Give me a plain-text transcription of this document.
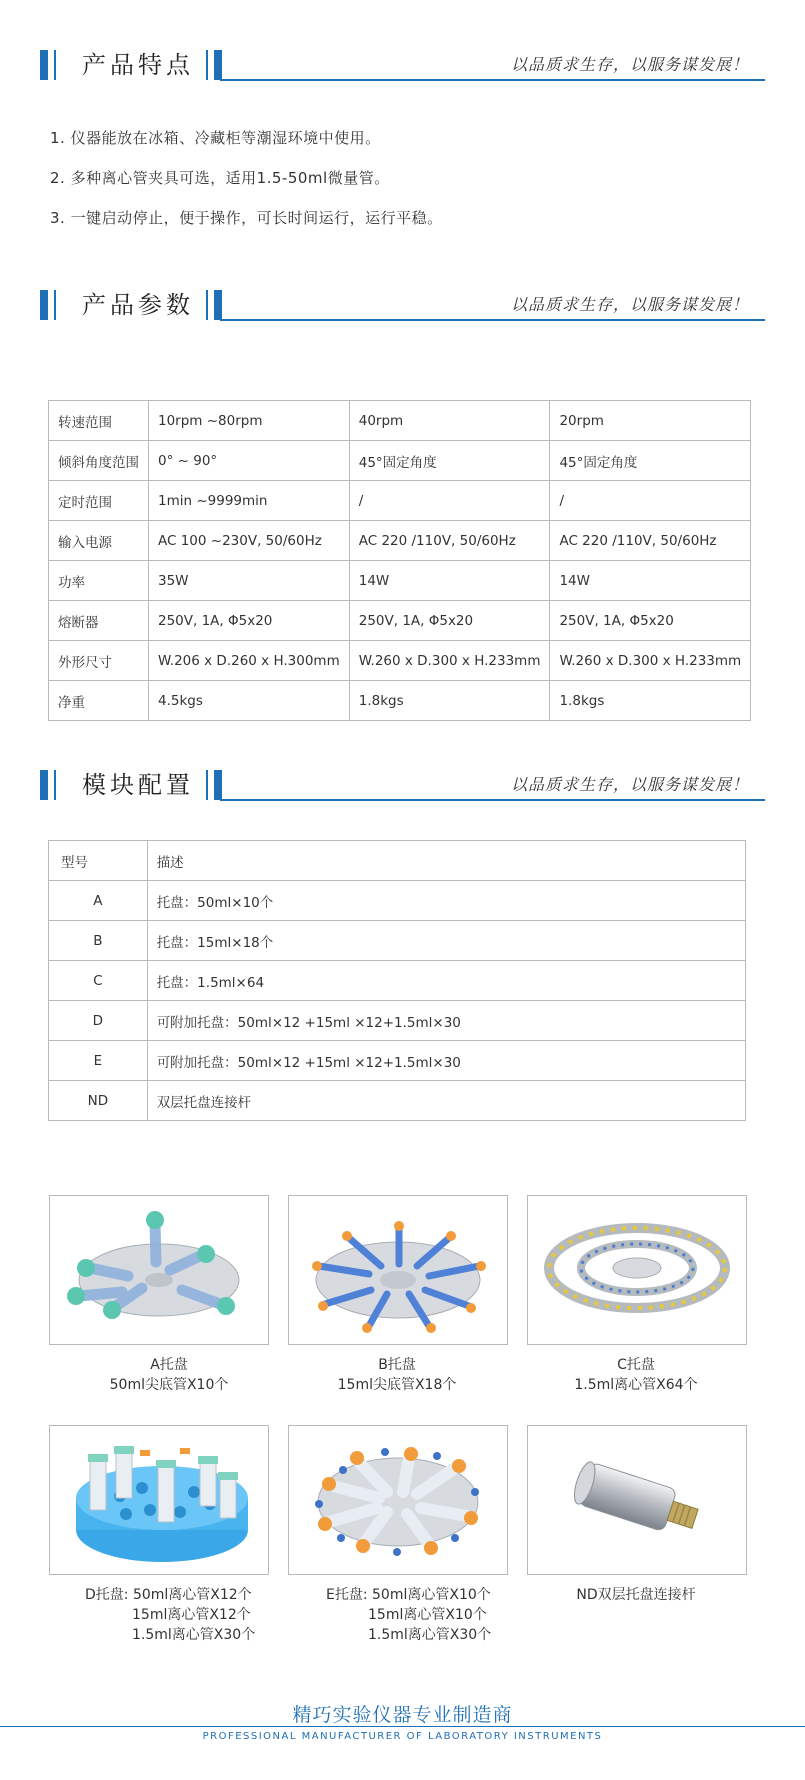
产品特点	以品质求生存，以服务谋发展！
1. 仪器能放在冰箱、冷藏柜等潮湿环境中使用。
2. 多种离心管夹具可选，适用1.5-50ml微量管。
3. 一键启动停止，便于操作，可长时间运行，运行平稳。
产品参数	以品质求生存，以服务谋发展！
转速范围	10rpm ~80rpm	40rpm	20rpm
倾斜角度范围	0° ~ 90°	45°固定角度	45°固定角度
定时范围	1min ~9999min	/	/
输入电源	AC 100 ~230V, 50/60Hz	AC 220 /110V, 50/60Hz	AC 220 /110V, 50/60Hz
功率	35W	14W	14W
熔断器	250V, 1A, Φ5x20	250V, 1A, Φ5x20	250V, 1A, Φ5x20
外形尺寸	W.206 x D.260 x H.300mm	W.260 x D.300 x H.233mm	W.260 x D.300 x H.233mm
净重	4.5kgs	1.8kgs	1.8kgs
模块配置	以品质求生存，以服务谋发展！
型号	描述
A	托盘：50ml×10个
B	托盘：15ml×18个
C	托盘：1.5ml×64
D	可附加托盘：50ml×12 +15ml ×12+1.5ml×30
E	可附加托盘：50ml×12 +15ml ×12+1.5ml×30
ND	双层托盘连接杆
A托盘
50ml尖底管X10个
B托盘
15ml尖底管X18个
C托盘
1.5ml离心管X64个
D托盘: 50ml离心管X12个
15ml离心管X12个
1.5ml离心管X30个
E托盘: 50ml离心管X10个
15ml离心管X10个
1.5ml离心管X30个
ND双层托盘连接杆
精巧实验仪器专业制造商
PROFESSIONAL MANUFACTURER OF LABORATORY INSTRUMENTS
